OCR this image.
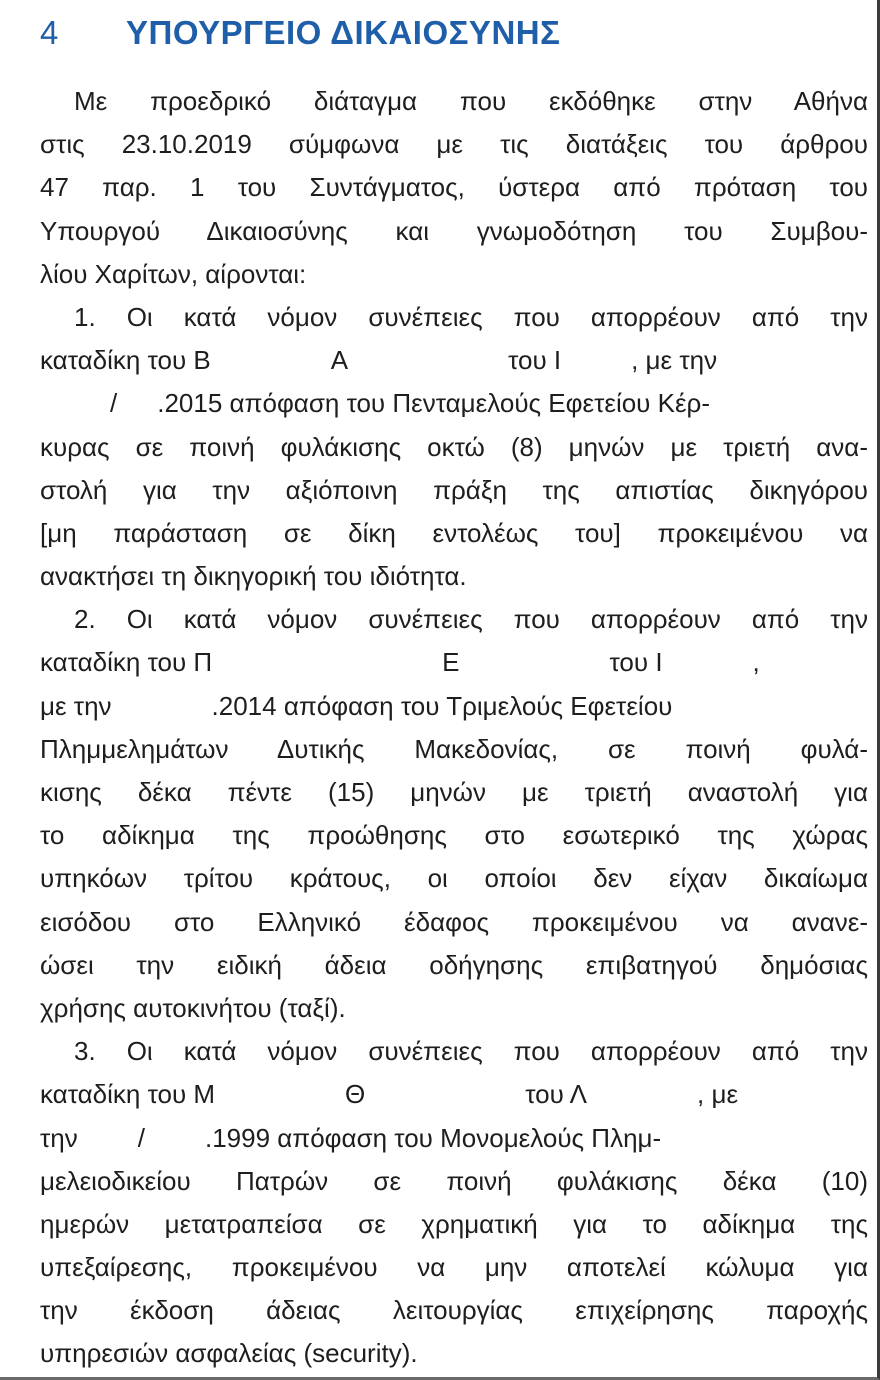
4	ΥΠΟΥΡΓΕΙΟ ΔΙΚΑΙΟΣΥΝΗΣ
Με προεδρικό διάταγμα που εκδόθηκε στην Αθήνα
στις 23.10.2019 σύμφωνα με τις διατάξεις του άρθρου
47 παρ. 1 του Συντάγματος, ύστερα από πρόταση του
Υπουργού Δικαιοσύνης και γνωμοδότηση του Συμβου-
λίου Χαρίτων, αίρονται:
1. Οι κατά νόμον συνέπειες που απορρέουν από την
καταδίκη του Β	Α	του Ι	, με την
/ .2015 απόφαση του Πενταμελούς Εφετείου Κέρ-
κυρας σε ποινή φυλάκισης οκτώ (8) μηνών με τριετή ανα-
στολή για την αξιόποινη πράξη της απιστίας δικηγόρου
[μη παράσταση σε δίκη εντολέως του] προκειμένου να
ανακτήσει τη δικηγορική του ιδιότητα.
2. Οι κατά νόμον συνέπειες που απορρέουν από την
καταδίκη του Π	Ε	του Ι	,
με την	.2014 απόφαση του Τριμελούς Εφετείου
Πλημμελημάτων Δυτικής Μακεδονίας, σε ποινή φυλά-
κισης δέκα πέντε (15) μηνών με τριετή αναστολή για
το αδίκημα της προώθησης στο εσωτερικό της χώρας
υπηκόων τρίτου κράτους, οι οποίοι δεν είχαν δικαίωμα
εισόδου στο Ελληνικό έδαφος προκειμένου να ανανε-
ώσει την ειδική άδεια οδήγησης επιβατηγού δημόσιας
χρήσης αυτοκινήτου (ταξί).
3. Οι κατά νόμον συνέπειες που απορρέουν από την
καταδίκη του Μ	Θ	του Λ	, με
την / .1999 απόφαση του Μονομελούς Πλημ-
μελειοδικείου Πατρών σε ποινή φυλάκισης δέκα (10)
ημερών μετατραπείσα σε χρηματική για το αδίκημα της
υπεξαίρεσης, προκειμένου να μην αποτελεί κώλυμα για
την έκδοση άδειας λειτουργίας επιχείρησης παροχής
υπηρεσιών ασφαλείας (security).
